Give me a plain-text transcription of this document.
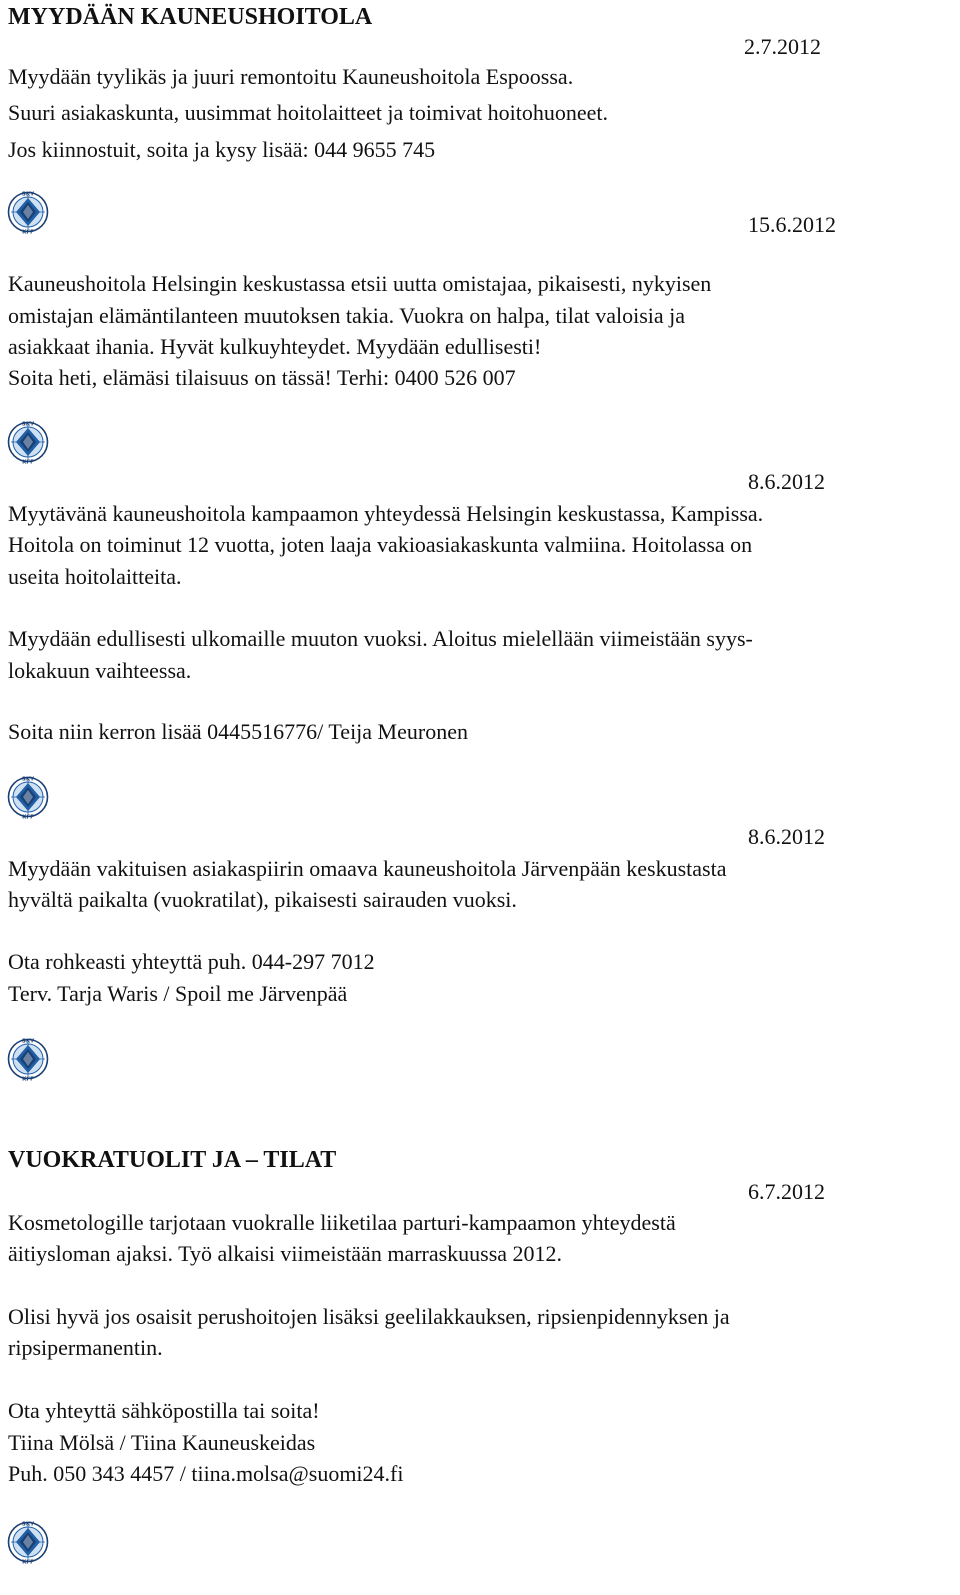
MYYDÄÄN KAUNEUSHOITOLA
2.7.2012
Myydään tyylikäs ja juuri remontoitu Kauneushoitola Espoossa.
Suuri asiakaskunta, uusimmat hoitolaitteet ja toimivat hoitohuoneet.
Jos kiinnostuit, soita ja kysy lisää: 044 9655 745
SKY
KFF	15.6.2012
Kauneushoitola Helsingin keskustassa etsii uutta omistajaa, pikaisesti, nykyisen
omistajan elämäntilanteen muutoksen takia. Vuokra on halpa, tilat valoisia ja
asiakkaat ihania. Hyvät kulkuyhteydet. Myydään edullisesti!
Soita heti, elämäsi tilaisuus on tässä! Terhi: 0400 526 007
SKY
KFF
8.6.2012
Myytävänä kauneushoitola kampaamon yhteydessä Helsingin keskustassa, Kampissa.
Hoitola on toiminut 12 vuotta, joten laaja vakioasiakaskunta valmiina. Hoitolassa on
useita hoitolaitteita.
Myydään edullisesti ulkomaille muuton vuoksi. Aloitus mielellään viimeistään syys-
lokakuun vaihteessa.
Soita niin kerron lisää 0445516776/ Teija Meuronen
SKY
KFF
8.6.2012
Myydään vakituisen asiakaspiirin omaava kauneushoitola Järvenpään keskustasta
hyvältä paikalta (vuokratilat), pikaisesti sairauden vuoksi.
Ota rohkeasti yhteyttä puh. 044-297 7012
Terv. Tarja Waris / Spoil me Järvenpää
SKY
KFF
VUOKRATUOLIT JA – TILAT
6.7.2012
Kosmetologille tarjotaan vuokralle liiketilaa parturi-kampaamon yhteydestä
äitiysloman ajaksi. Työ alkaisi viimeistään marraskuussa 2012.
Olisi hyvä jos osaisit perushoitojen lisäksi geelilakkauksen, ripsienpidennyksen ja
ripsipermanentin.
Ota yhteyttä sähköpostilla tai soita!
Tiina Mölsä / Tiina Kauneuskeidas
Puh. 050 343 4457 / tiina.molsa@suomi24.fi
SKY
KFF
